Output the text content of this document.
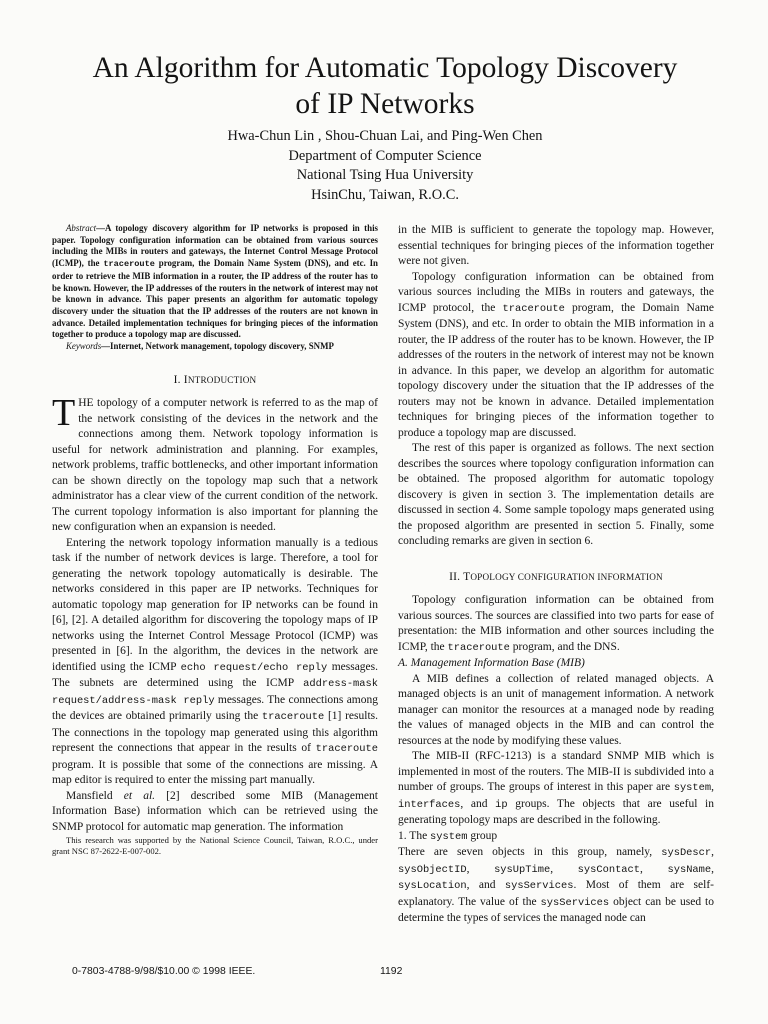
An Algorithm for Automatic Topology Discovery
of IP Networks
Hwa-Chun Lin , Shou-Chuan Lai, and Ping-Wen Chen
Department of Computer Science
National Tsing Hua University
HsinChu, Taiwan, R.O.C.

Abstract—A topology discovery algorithm for IP networks is proposed in this paper. Topology configuration information can be obtained from various sources including the MIBs in routers and gateways, the Internet Control Message Protocol (ICMP), the traceroute program, the Domain Name System (DNS), and etc. In order to retrieve the MIB information in a router, the IP address of the router has to be known. However, the IP addresses of the routers in the network of interest may not be known in advance. This paper presents an algorithm for automatic topology discovery under the situation that the IP addresses of the routers are not known in advance. Detailed implementation techniques for bringing pieces of the information together to produce a topology map are discussed.

Keywords—Internet, Network management, topology discovery, SNMP

I. INTRODUCTION

THE topology of a computer network is referred to as the map of the network consisting of the devices in the network and the connections among them. Network topology information is useful for network administration and planning. For examples, network problems, traffic bottlenecks, and other important information can be shown directly on the topology map such that a network administrator has a clear view of the current condition of the network. The current topology information is also important for planning the new configuration when an expansion is needed.

Entering the network topology information manually is a tedious task if the number of network devices is large. Therefore, a tool for generating the network topology automatically is desirable. The networks considered in this paper are IP networks. Techniques for automatic topology map generation for IP networks can be found in [6], [2]. A detailed algorithm for discovering the topology maps of IP networks using the Internet Control Message Protocol (ICMP) was presented in [6]. In the algorithm, the devices in the network are identified using the ICMP echo request/echo reply messages. The subnets are determined using the ICMP address-mask request/address-mask reply messages. The connections among the devices are obtained primarily using the traceroute [1] results. The connections in the topology map generated using this algorithm represent the connections that appear in the results of traceroute program. It is possible that some of the connections are missing. A map editor is required to enter the missing part manually.

Mansfield et al. [2] described some MIB (Management Information Base) information which can be retrieved using the SNMP protocol for automatic map generation. The information

This research was supported by the National Science Council, Taiwan, R.O.C., under grant NSC 87-2622-E-007-002.

in the MIB is sufficient to generate the topology map. However, essential techniques for bringing pieces of the information together were not given.

Topology configuration information can be obtained from various sources including the MIBs in routers and gateways, the ICMP protocol, the traceroute program, the Domain Name System (DNS), and etc. In order to obtain the MIB information in a router, the IP address of the router has to be known. However, the IP addresses of the routers in the network of interest may not be known in advance. In this paper, we develop an algorithm for automatic topology discovery under the situation that the IP addresses of the routers may not be known in advance. Detailed implementation techniques for bringing pieces of the information together to produce a topology map are discussed.

The rest of this paper is organized as follows. The next section describes the sources where topology configuration information can be obtained. The proposed algorithm for automatic topology discovery is given in section 3. The implementation details are discussed in section 4. Some sample topology maps generated using the proposed algorithm are presented in section 5. Finally, some concluding remarks are given in section 6.

II. TOPOLOGY CONFIGURATION INFORMATION

Topology configuration information can be obtained from various sources. The sources are classified into two parts for ease of presentation: the MIB information and other sources including the ICMP, the traceroute program, and the DNS.

A. Management Information Base (MIB)

A MIB defines a collection of related managed objects. A managed objects is an unit of management information. A network manager can monitor the resources at a managed node by reading the values of managed objects in the MIB and can control the resources at the node by modifying these values.

The MIB-II (RFC-1213) is a standard SNMP MIB which is implemented in most of the routers. The MIB-II is subdivided into a number of groups. The groups of interest in this paper are system, interfaces, and ip groups. The objects that are useful in generating topology maps are described in the following.

1. The system group

There are seven objects in this group, namely, sysDescr, sysObjectID, sysUpTime, sysContact, sysName, sysLocation, and sysServices. Most of them are self-explanatory. The value of the sysServices object can be used to determine the types of services the managed node can

0-7803-4788-9/98/$10.00 © 1998 IEEE.	1192
